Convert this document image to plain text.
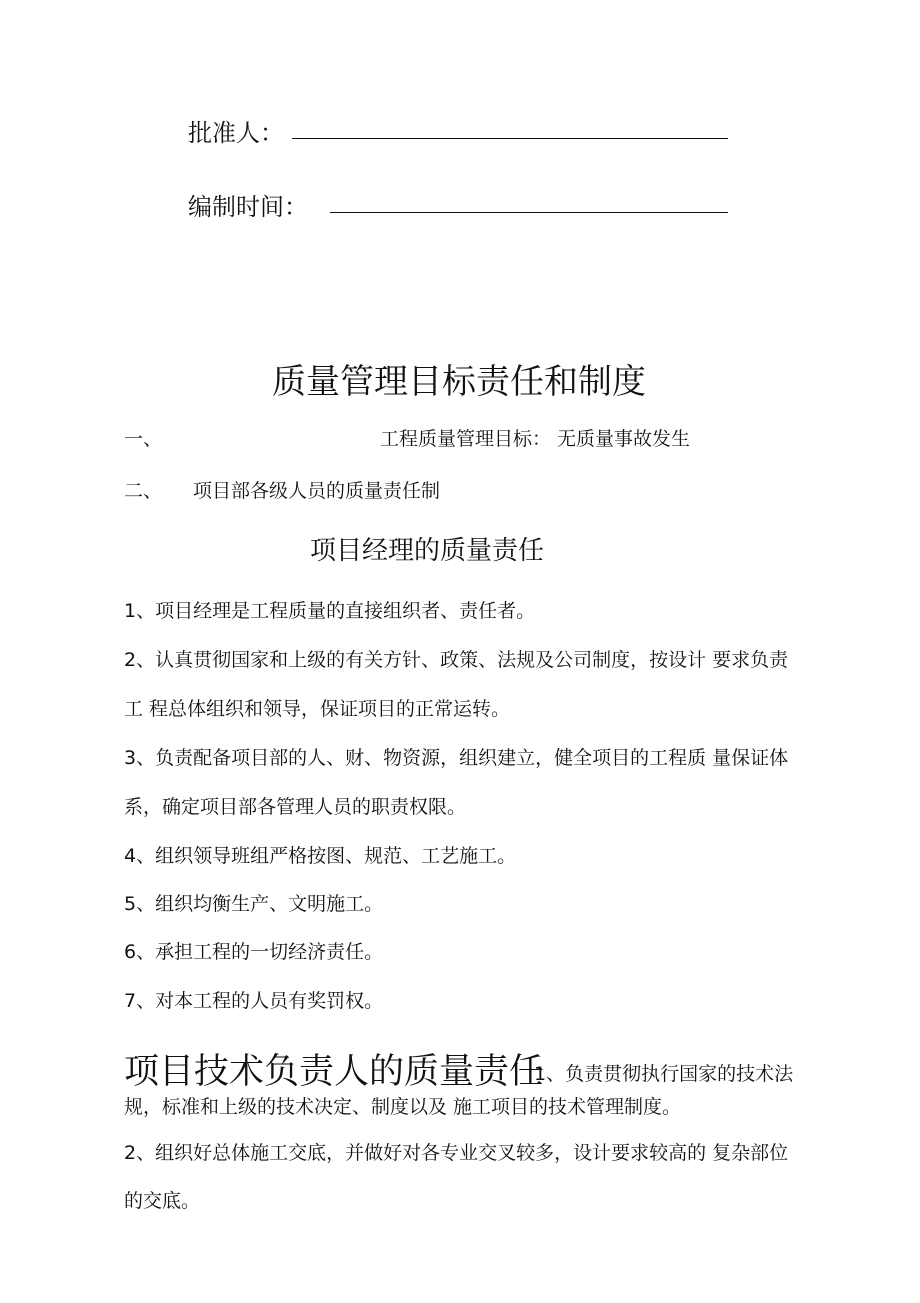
批准人：
编制时间：
质量管理目标责任和制度
一、	工程质量管理目标： 无质量事故发生
二、 项目部各级人员的质量责任制
项目经理的质量责任
1、项目经理是工程质量的直接组织者、责任者。
2、认真贯彻国家和上级的有关方针、政策、法规及公司制度，按设计 要求负责
工 程总体组织和领导，保证项目的正常运转。
3、负责配备项目部的人、财、物资源，组织建立，健全项目的工程质 量保证体
系，确定项目部各管理人员的职责权限。
4、组织领导班组严格按图、规范、工艺施工。
5、组织均衡生产、文明施工。
6、承担工程的一切经济责任。
7、对本工程的人员有奖罚权。
项目技术负责人的质量责任
1、负责贯彻执行国家的技术法
规，标准和上级的技术决定、制度以及 施工项目的技术管理制度。
2、组织好总体施工交底，并做好对各专业交叉较多，设计要求较高的 复杂部位
的交底。
